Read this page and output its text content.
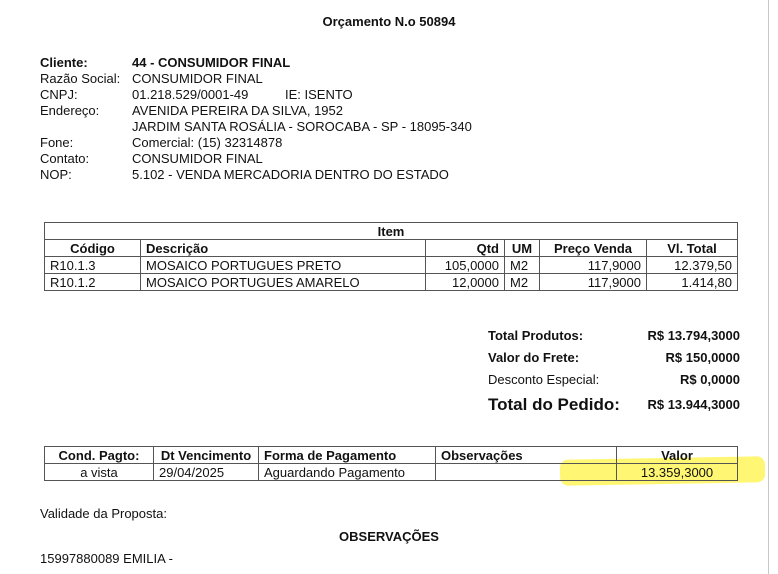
Orçamento N.o 50894
Cliente:	44 - CONSUMIDOR FINAL
Razão Social: CONSUMIDOR FINAL
CNPJ:	01.218.529/0001-49	IE: ISENTO
Endereço:	AVENIDA PEREIRA DA SILVA, 1952
JARDIM SANTA ROSÁLIA - SOROCABA - SP - 18095-340
Fone:	Comercial: (15) 32314878
Contato:	CONSUMIDOR FINAL
NOP:	5.102 - VENDA MERCADORIA DENTRO DO ESTADO
Item					
Código	Descrição	Qtd	UM	Preço Venda	Vl. Total
R10.1.3	MOSAICO PORTUGUES PRETO	105,0000	M2	117,9000	12.379,50
R10.1.2	MOSAICO PORTUGUES AMARELO	12,0000	M2	117,9000	1.414,80
Total Produtos:	R$ 13.794,3000
Valor do Frete:	R$ 150,0000
Desconto Especial:	R$ 0,0000
Total do Pedido: R$ 13.944,3000
Cond. Pagto:	Dt Vencimento	Forma de Pagamento	Observações	Valor
a vista	29/04/2025	Aguardando Pagamento		13.359,3000
Validade da Proposta:
OBSERVAÇÕES
15997880089 EMILIA -
